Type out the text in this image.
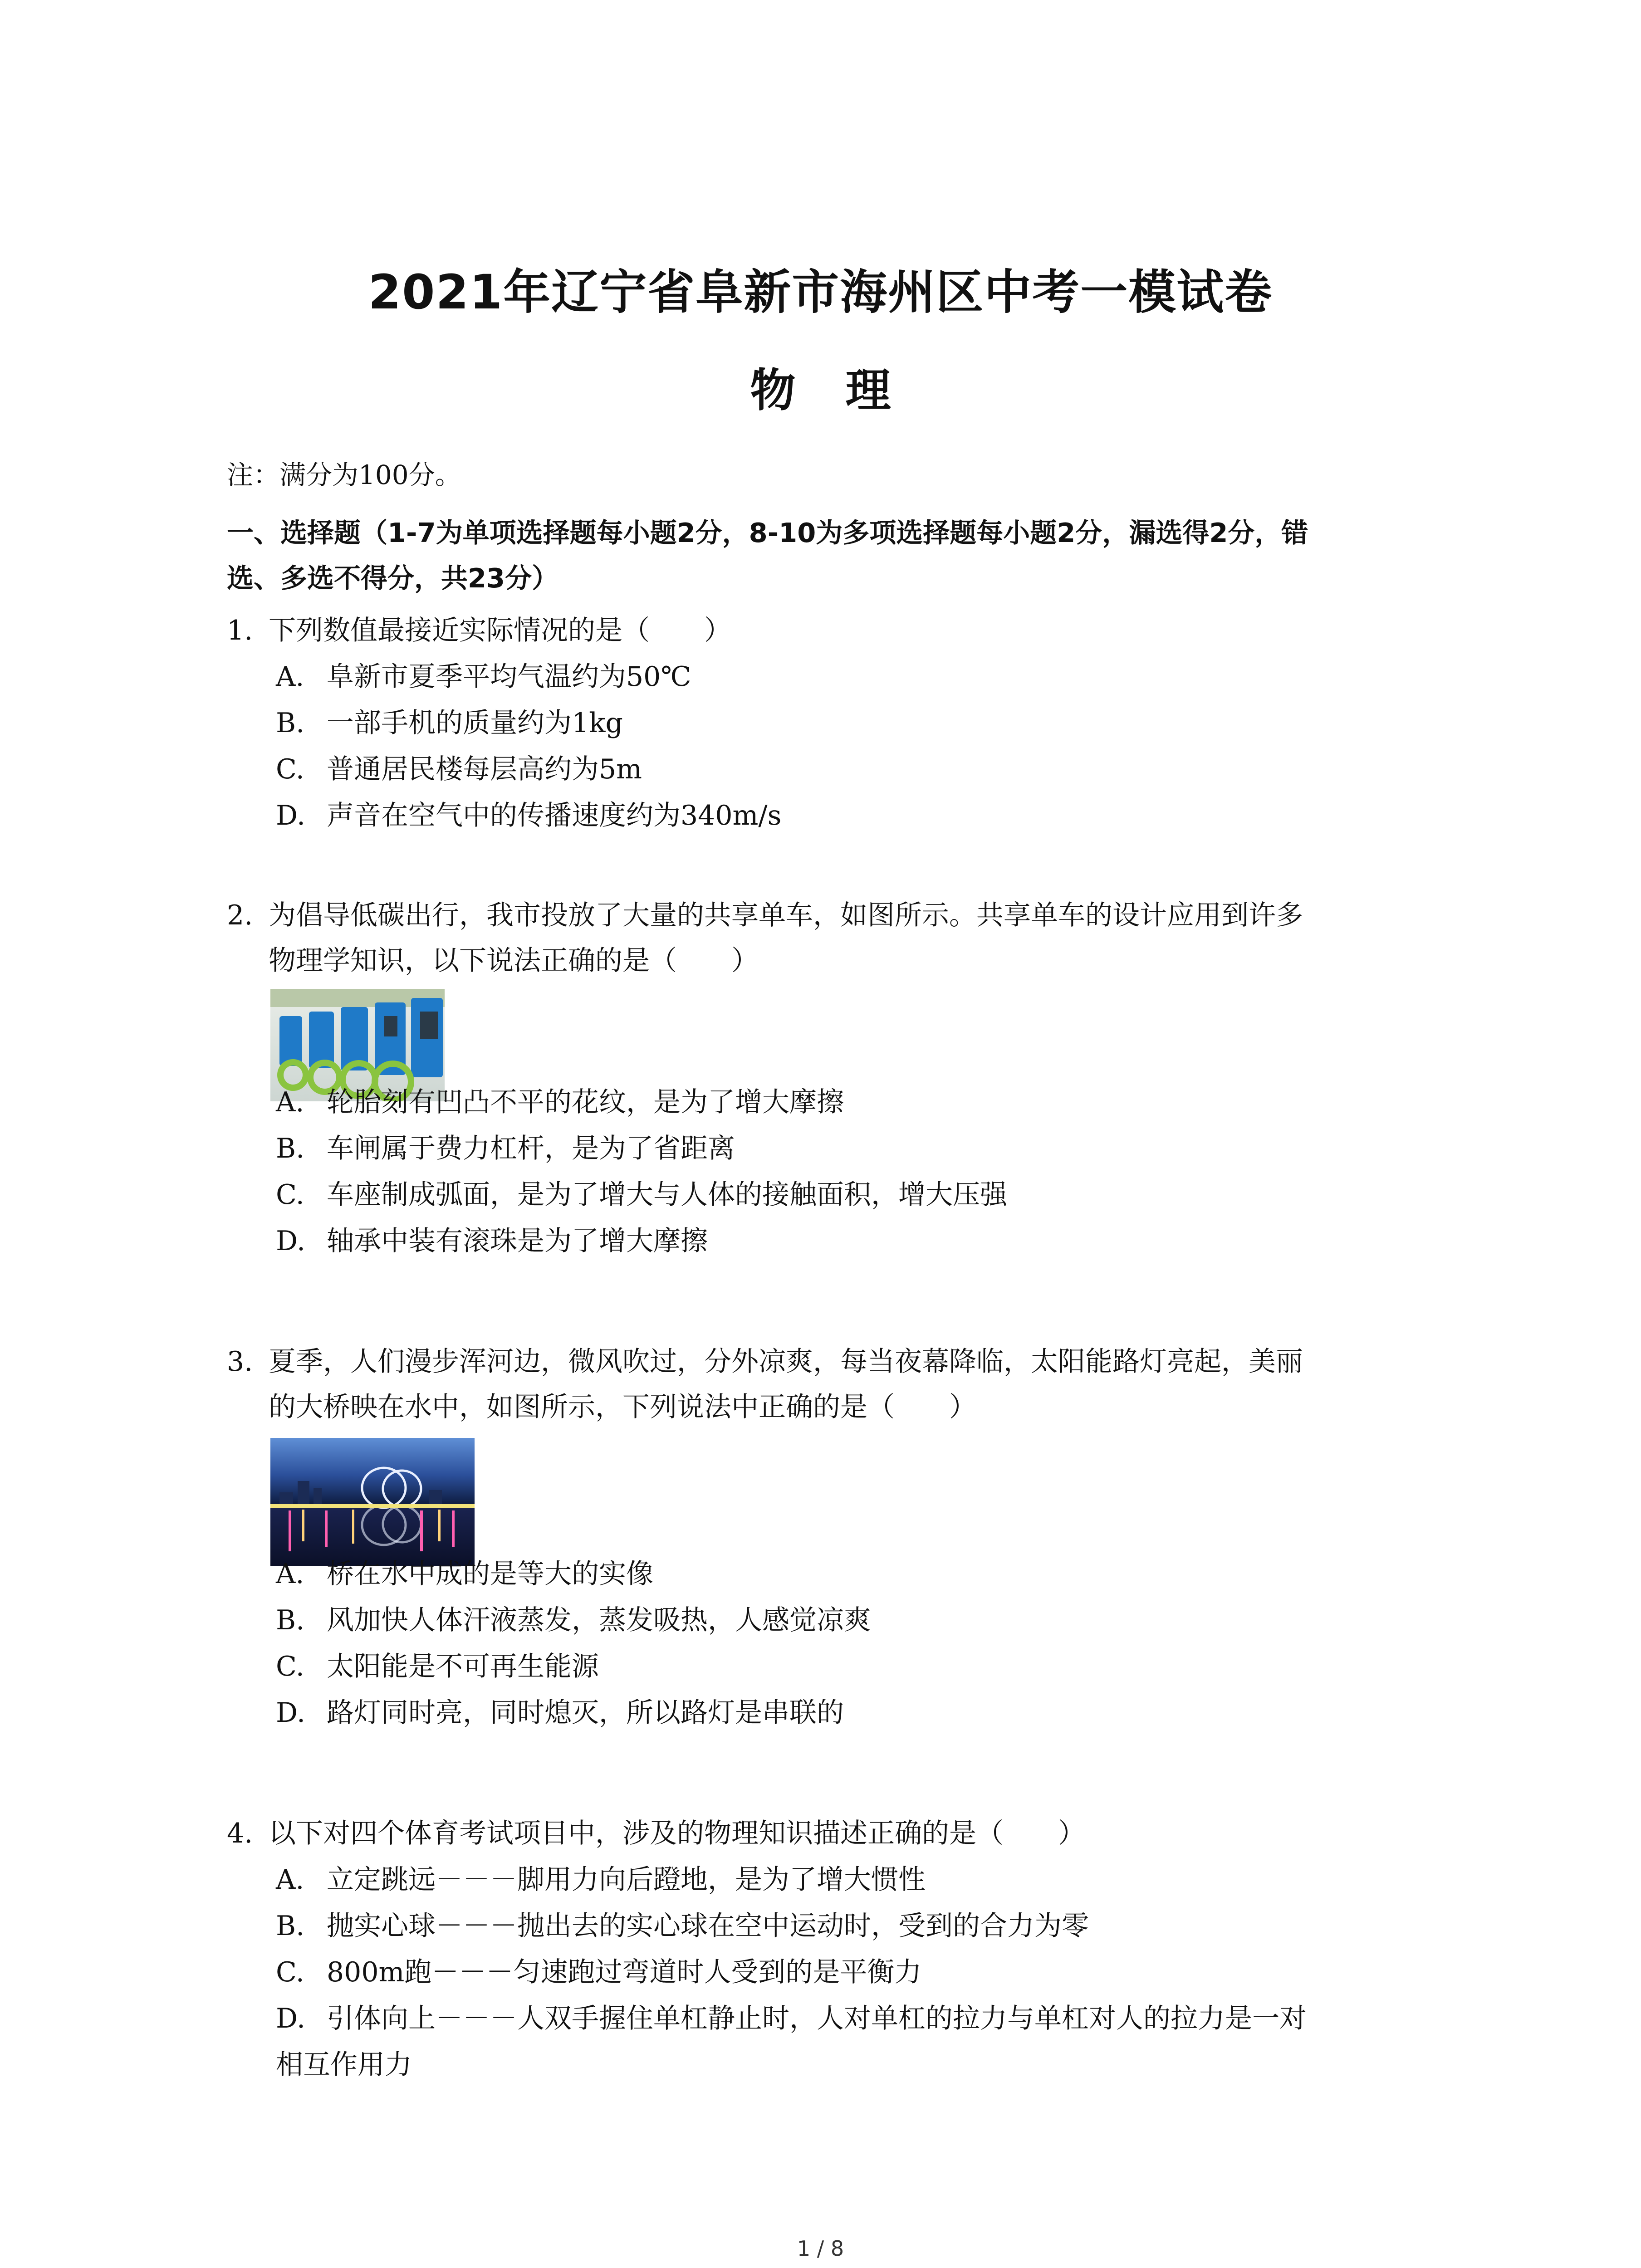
2021年辽宁省阜新市海州区中考一模试卷
物理
注：满分为100分。
一、选择题（1-7为单项选择题每小题2分，8-10为多项选择题每小题2分，漏选得2分，错
选、多选不得分，共23分）
1. 下列数值最接近实际情况的是（　　）
A. 阜新市夏季平均气温约为50℃
B. 一部手机的质量约为1kg
C. 普通居民楼每层高约为5m
D. 声音在空气中的传播速度约为340m/s
2. 为倡导低碳出行，我市投放了大量的共享单车，如图所示。共享单车的设计应用到许多
物理学知识，以下说法正确的是（　　）
A. 轮胎刻有凹凸不平的花纹，是为了增大摩擦
B. 车闸属于费力杠杆，是为了省距离
C. 车座制成弧面，是为了增大与人体的接触面积，增大压强
D. 轴承中装有滚珠是为了增大摩擦
3. 夏季，人们漫步浑河边，微风吹过，分外凉爽，每当夜幕降临，太阳能路灯亮起，美丽
的大桥映在水中，如图所示，下列说法中正确的是（　　）
A. 桥在水中成的是等大的实像
B. 风加快人体汗液蒸发，蒸发吸热，人感觉凉爽
C. 太阳能是不可再生能源
D. 路灯同时亮，同时熄灭，所以路灯是串联的
4. 以下对四个体育考试项目中，涉及的物理知识描述正确的是（　　）
A. 立定跳远－－－脚用力向后蹬地，是为了增大惯性
B. 抛实心球－－－抛出去的实心球在空中运动时，受到的合力为零
C. 800m跑－－－匀速跑过弯道时人受到的是平衡力
D. 引体向上－－－人双手握住单杠静止时，人对单杠的拉力与单杠对人的拉力是一对
相互作用力
1 / 8
